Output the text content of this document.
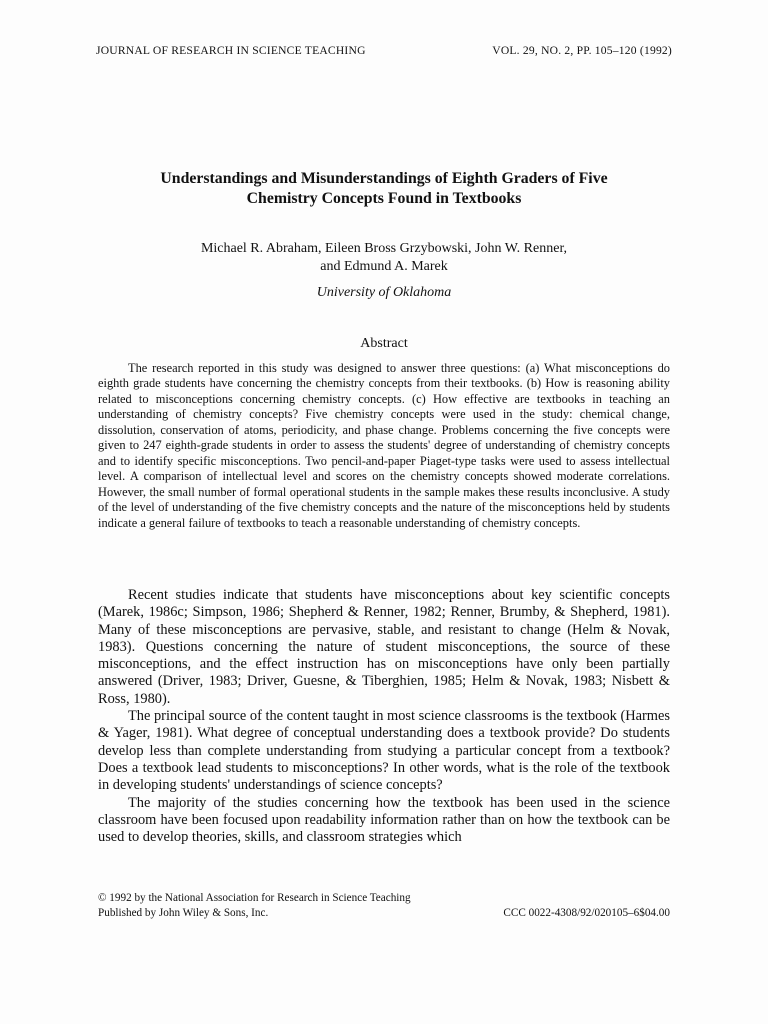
JOURNAL OF RESEARCH IN SCIENCE TEACHING	VOL. 29, NO. 2, PP. 105–120 (1992)
Understandings and Misunderstandings of Eighth Graders of Five
Chemistry Concepts Found in Textbooks
Michael R. Abraham, Eileen Bross Grzybowski, John W. Renner,
and Edmund A. Marek
University of Oklahoma
Abstract

The research reported in this study was designed to answer three questions: (a) What misconceptions do eighth grade students have concerning the chemistry concepts from their textbooks. (b) How is reasoning ability related to misconceptions concerning chemistry concepts. (c) How effective are textbooks in teaching an understanding of chemistry concepts? Five chemistry concepts were used in the study: chemical change, dissolution, conservation of atoms, periodicity, and phase change. Problems concerning the five concepts were given to 247 eighth-grade students in order to assess the students' degree of understanding of chemistry concepts and to identify specific misconceptions. Two pencil-and-paper Piaget-type tasks were used to assess intellectual level. A comparison of intellectual level and scores on the chemistry concepts showed moderate correlations. However, the small number of formal operational students in the sample makes these results inconclusive. A study of the level of understanding of the five chemistry concepts and the nature of the misconceptions held by students indicate a general failure of textbooks to teach a reasonable understanding of chemistry concepts.

Recent studies indicate that students have misconceptions about key scientific concepts (Marek, 1986c; Simpson, 1986; Shepherd & Renner, 1982; Renner, Brumby, & Shepherd, 1981). Many of these misconceptions are pervasive, stable, and resistant to change (Helm & Novak, 1983). Questions concerning the nature of student misconceptions, the source of these misconceptions, and the effect instruction has on misconceptions have only been partially answered (Driver, 1983; Driver, Guesne, & Tiberghien, 1985; Helm & Novak, 1983; Nisbett & Ross, 1980).

The principal source of the content taught in most science classrooms is the textbook (Harmes & Yager, 1981). What degree of conceptual understanding does a textbook provide? Do students develop less than complete understanding from studying a particular concept from a textbook? Does a textbook lead students to misconceptions? In other words, what is the role of the textbook in developing students' understandings of science concepts?

The majority of the studies concerning how the textbook has been used in the science classroom have been focused upon readability information rather than on how the textbook can be used to develop theories, skills, and classroom strategies which

© 1992 by the National Association for Research in Science Teaching
Published by John Wiley & Sons, Inc.	CCC 0022-4308/92/020105–6$04.00
